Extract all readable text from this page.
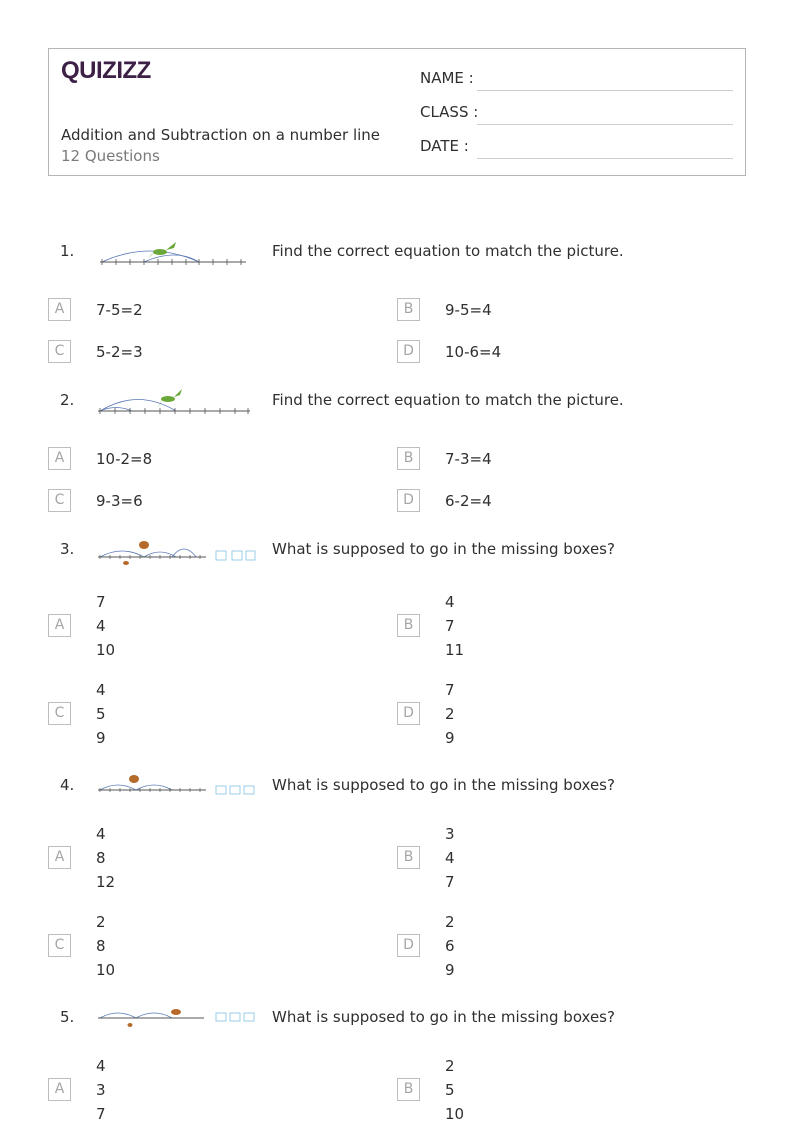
QUIZIZZ
Addition and Subtraction on a number line
12 Questions
NAME :
CLASS :
DATE :
1.	Find the correct equation to match the picture.
A	7-5=2	B	9-5=4
C	5-2=3	D	10-6=4
2.	Find the correct equation to match the picture.
A	10-2=8	B	7-3=4
C	9-3=6	D	6-2=4
3.	What is supposed to go in the missing boxes?
A
7
4
10
B
4
7
11
C
4
5
9
D
7
2
9
4.	What is supposed to go in the missing boxes?
A
4
8
12
B
3
4
7
C
2
8
10
D
2
6
9
5.	What is supposed to go in the missing boxes?
A
4
3
7
B
2
5
10
